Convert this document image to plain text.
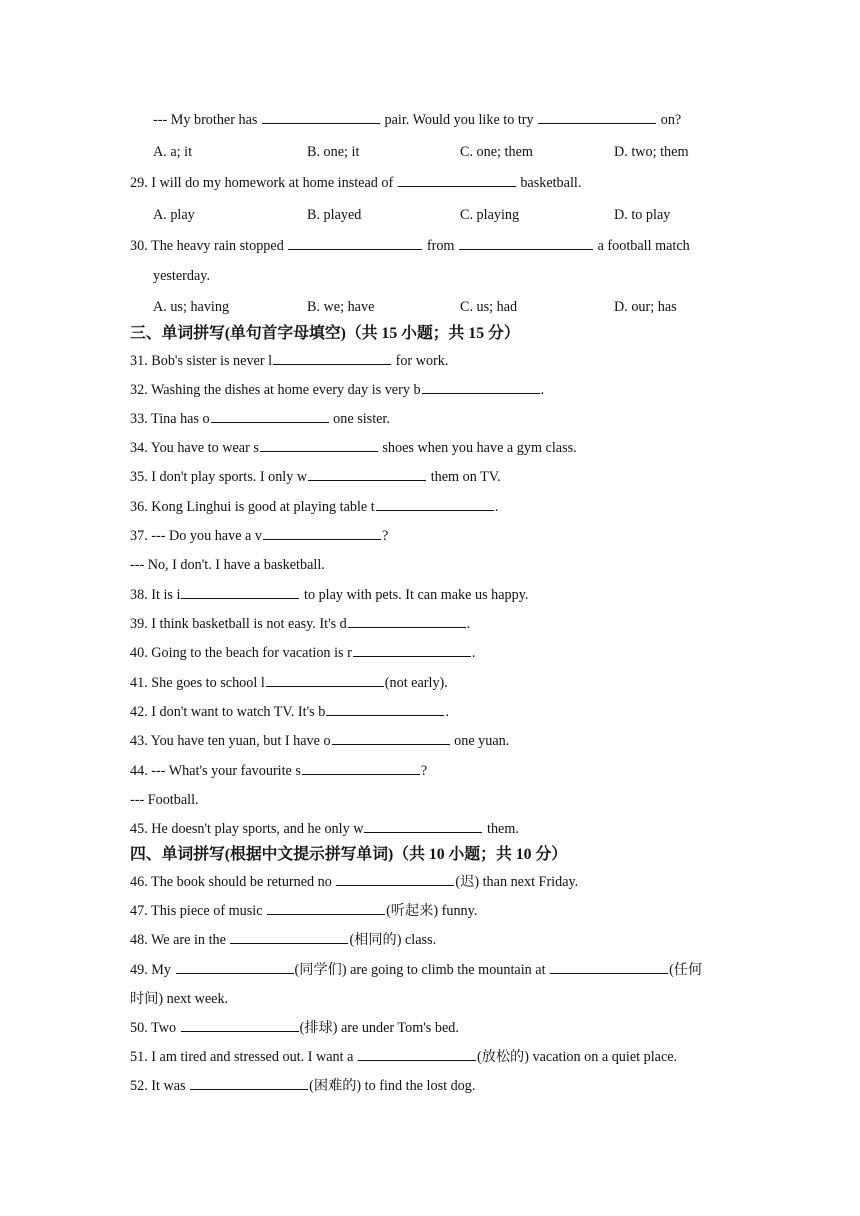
--- My brother has	pair. Would you like to try	on?
A. a; it	B. one; it	C. one; them	D. two; them
29. I will do my homework at home instead of	basketball.
A. play	B. played	C. playing	D. to play
30. The heavy rain stopped	from	a football match
yesterday.
A. us; having	B. we; have	C. us; had	D. our; has
三、单词拼写(单句首字母填空)（共 15 小题；共 15 分）
31. Bob's sister is never l	for work.
32. Washing the dishes at home every day is very b	.
33. Tina has o	one sister.
34. You have to wear s	shoes when you have a gym class.
35. I don't play sports. I only w	them on TV.
36. Kong Linghui is good at playing table t	.
37. --- Do you have a v	?
--- No, I don't. I have a basketball.
38. It is i	to play with pets. It can make us happy.
39. I think basketball is not easy. It's d	.
40. Going to the beach for vacation is r	.
41. She goes to school l	(not early).
42. I don't want to watch TV. It's b	.
43. You have ten yuan, but I have o	one yuan.
44. --- What's your favourite s	?
--- Football.
45. He doesn't play sports, and he only w	them.
四、单词拼写(根据中文提示拼写单词)（共 10 小题；共 10 分）
46. The book should be returned no	(迟) than next Friday.
47. This piece of music	(听起来) funny.
48. We are in the	(相同的) class.
49. My	(同学们) are going to climb the mountain at	(任何
时间) next week.
50. Two	(排球) are under Tom's bed.
51. I am tired and stressed out. I want a	(放松的) vacation on a quiet place.
52. It was	(困难的) to find the lost dog.
